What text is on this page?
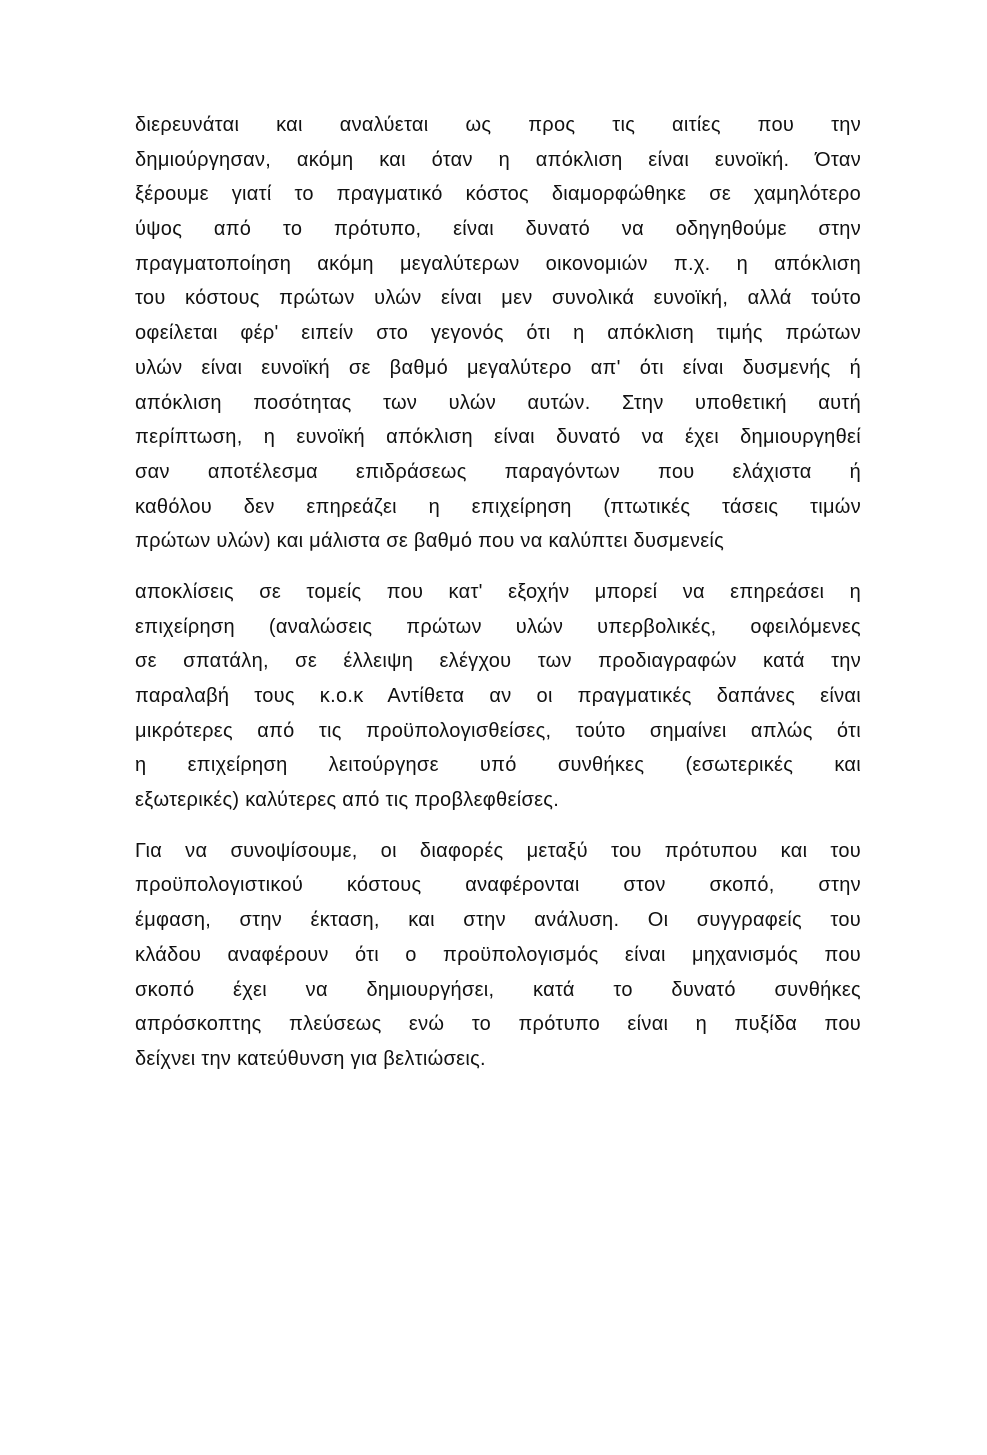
διερευνάται και αναλύεται ως προς τις αιτίες που την
δημιούργησαν, ακόμη και όταν η απόκλιση είναι ευνοϊκή. Όταν
ξέρουμε γιατί το πραγματικό κόστος διαμορφώθηκε σε χαμηλότερο
ύψος από το πρότυπο, είναι δυνατό να οδηγηθούμε στην
πραγματοποίηση ακόμη μεγαλύτερων οικονομιών π.χ. η απόκλιση
του κόστους πρώτων υλών είναι μεν συνολικά ευνοϊκή, αλλά τούτο
οφείλεται φέρ' ειπείν στο γεγονός ότι η απόκλιση τιμής πρώτων
υλών είναι ευνοϊκή σε βαθμό μεγαλύτερο απ' ότι είναι δυσμενής ή
απόκλιση ποσότητας των υλών αυτών. Στην υποθετική αυτή
περίπτωση, η ευνοϊκή απόκλιση είναι δυνατό να έχει δημιουργηθεί
σαν αποτέλεσμα επιδράσεως παραγόντων που ελάχιστα ή
καθόλου δεν επηρεάζει η επιχείρηση (πτωτικές τάσεις τιμών
πρώτων υλών) και μάλιστα σε βαθμό που να καλύπτει δυσμενείς
αποκλίσεις σε τομείς που κατ' εξοχήν μπορεί να επηρεάσει η
επιχείρηση (αναλώσεις πρώτων υλών υπερβολικές, οφειλόμενες
σε σπατάλη, σε έλλειψη ελέγχου των προδιαγραφών κατά την
παραλαβή τους κ.ο.κ Αντίθετα αν οι πραγματικές δαπάνες είναι
μικρότερες από τις προϋπολογισθείσες, τούτο σημαίνει απλώς ότι
η επιχείρηση λειτούργησε υπό συνθήκες (εσωτερικές και
εξωτερικές) καλύτερες από τις προβλεφθείσες.
Για να συνοψίσουμε, οι διαφορές μεταξύ του πρότυπου και του
προϋπολογιστικού κόστους αναφέρονται στον σκοπό, στην
έμφαση, στην έκταση, και στην ανάλυση. Οι συγγραφείς του
κλάδου αναφέρουν ότι ο προϋπολογισμός είναι μηχανισμός που
σκοπό έχει να δημιουργήσει, κατά το δυνατό συνθήκες
απρόσκοπτης πλεύσεως ενώ το πρότυπο είναι η πυξίδα που
δείχνει την κατεύθυνση για βελτιώσεις.
